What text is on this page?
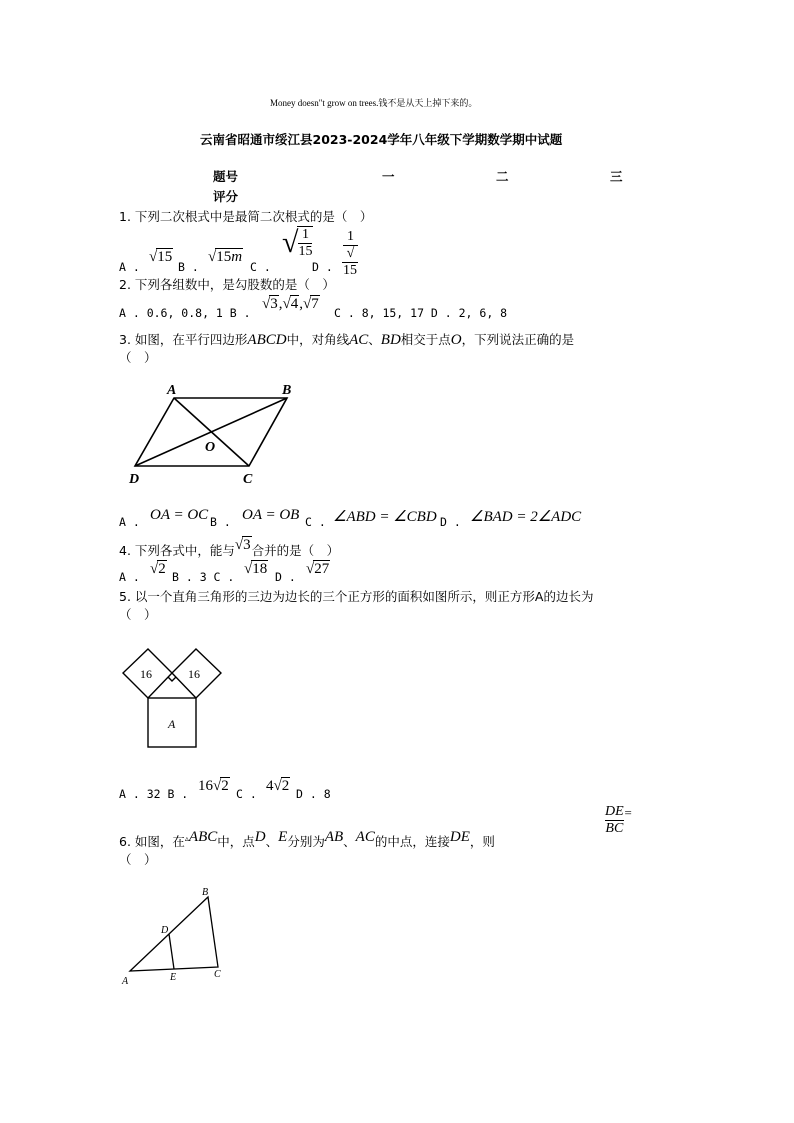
Money doesn"t grow on trees.钱不是从天上掉下来的。
云南省昭通市绥江县2023-2024学年八年级下学期数学期中试题
题号	一	二	三
评分
1. 下列二次根式中是最简二次根式的是（　）
A .
√15
B .
√15m
C .
√ $\frac{1}{15}$
D . 1
√
15
2. 下列各组数中，是勾股数的是（　）
A . 0.6, 0.8, 1 B .
√3,√4,√7
C . 8, 15, 17 D . 2, 6, 8
3. 如图，在平行四边形ABCD中，对角线AC、BD相交于点O，下列说法正确的是
（　）
A	B
C
D
O
A . OA = OC B . OA = OB C . ∠ABD = ∠CBD D . ∠BAD = 2∠ADC
4. 下列各式中，能与√3合并的是（　）
A . √2 B . 3 C . √18 D . √27
5. 以一个直角三角形的三边为边长的三个正方形的面积如图所示，则正方形A的边长为
（　）
16	16
A
A . 32 B . 16√2 C . 4√2 D . 8
6. 如图，在▵ABC中，点D、E分别为AB、AC的中点，连接DE，则
$\frac{DE}{BC}$ =
（　）
A
B
C
D
E
